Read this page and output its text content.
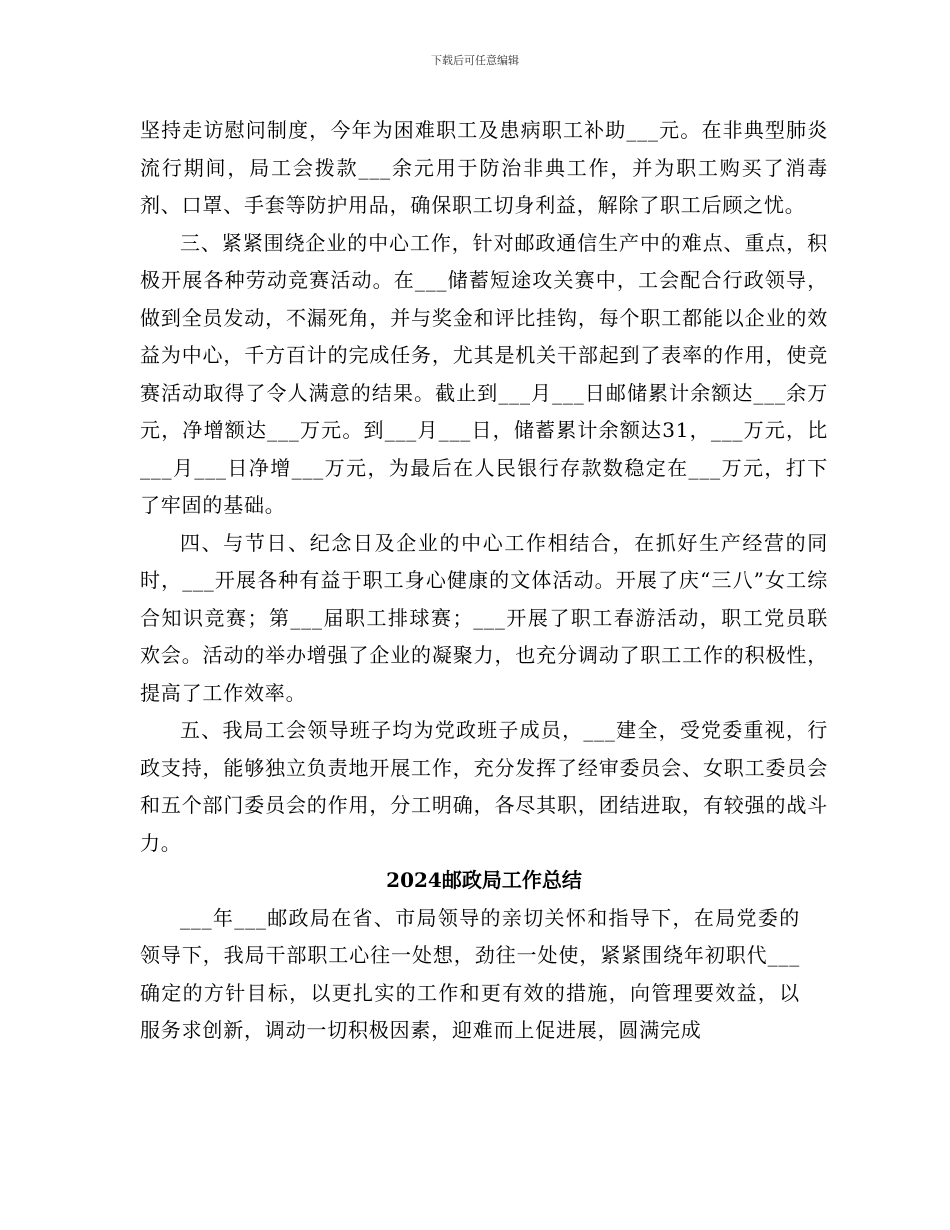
下载后可任意编辑

坚持走访慰问制度，今年为困难职工及患病职工补助___元。在非典型肺炎流行期间，局工会拨款___余元用于防治非典工作，并为职工购买了消毒剂、口罩、手套等防护用品，确保职工切身利益，解除了职工后顾之忧。

三、紧紧围绕企业的中心工作，针对邮政通信生产中的难点、重点，积极开展各种劳动竞赛活动。在___储蓄短途攻关赛中，工会配合行政领导，做到全员发动，不漏死角，并与奖金和评比挂钩，每个职工都能以企业的效益为中心，千方百计的完成任务，尤其是机关干部起到了表率的作用，使竞赛活动取得了令人满意的结果。截止到___月___日邮储累计余额达___余万元，净增额达___万元。到___月___日，储蓄累计余额达31，___万元，比___月___日净增___万元，为最后在人民银行存款数稳定在___万元，打下了牢固的基础。

四、与节日、纪念日及企业的中心工作相结合，在抓好生产经营的同时，___开展各种有益于职工身心健康的文体活动。开展了庆“三八”女工综合知识竞赛；第___届职工排球赛；___开展了职工春游活动，职工党员联欢会。活动的举办增强了企业的凝聚力，也充分调动了职工工作的积极性，提高了工作效率。

五、我局工会领导班子均为党政班子成员，___建全，受党委重视，行政支持，能够独立负责地开展工作，充分发挥了经审委员会、女职工委员会和五个部门委员会的作用，分工明确，各尽其职，团结进取，有较强的战斗力。

2024邮政局工作总结

___年___邮政局在省、市局领导的亲切关怀和指导下，在局党委的领导下，我局干部职工心往一处想，劲往一处使，紧紧围绕年初职代___确定的方针目标，以更扎实的工作和更有效的措施，向管理要效益，以服务求创新，调动一切积极因素，迎难而上促进展，圆满完成
